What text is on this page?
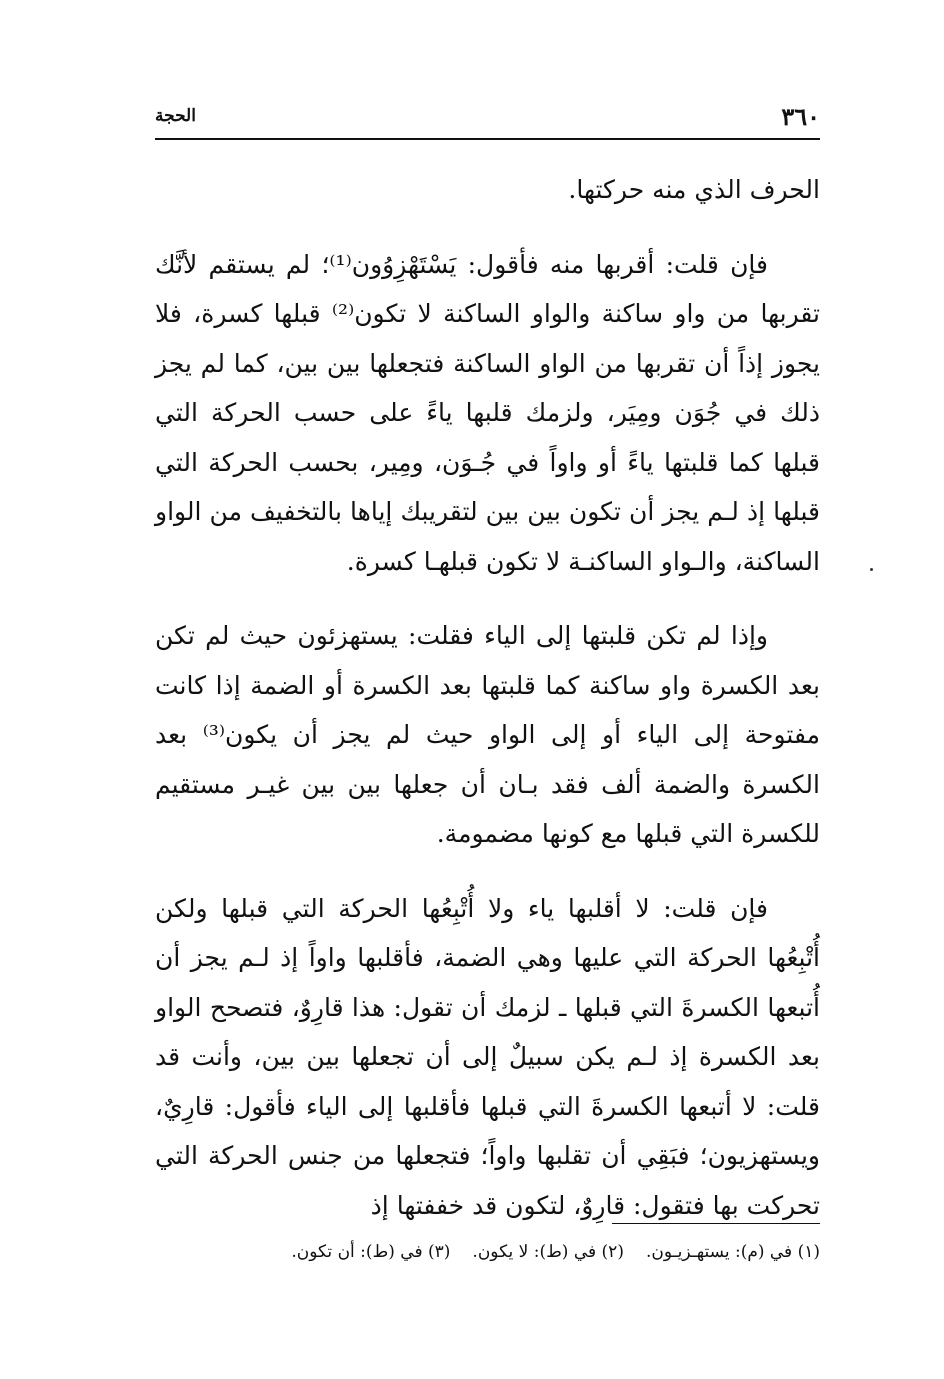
٣٦٠
الحجة

الحرف الذي منه حركتها.

فإن قلت: أقربها منه فأقول: يَسْتَهْزِوُون⁽¹⁾؛ لم يستقم لأنَّك تقربها من واو ساكنة والواو الساكنة لا تكون⁽²⁾ قبلها كسرة، فلا يجوز إذاً أن تقربها من الواو الساكنة فتجعلها بين بين، كما لم يجز ذلك في جُوَن ومِيَر، ولزمك قلبها ياءً على حسب الحركة التي قبلها كما قلبتها ياءً أو واواً في جُـوَن، ومِير، بحسب الحركة التي قبلها إذ لـم يجز أن تكون بين بين لتقريبك إياها بالتخفيف من الواو الساكنة، والـواو الساكنـة لا تكون قبلهـا كسرة.

وإذا لم تكن قلبتها إلى الياء فقلت: يستهزئون حيث لم تكن بعد الكسرة واو ساكنة كما قلبتها بعد الكسرة أو الضمة إذا كانت مفتوحة إلى الياء أو إلى الواو حيث لم يجز أن يكون⁽³⁾ بعد الكسرة والضمة ألف فقد بـان أن جعلها بين بين غيـر مستقيم للكسرة التي قبلها مع كونها مضمومة.

فإن قلت: لا أقلبها ياء ولا أُتْبِعُها الحركة التي قبلها ولكن أُتْبِعُها الحركة التي عليها وهي الضمة، فأقلبها واواً إذ لـم يجز أن أُتبعها الكسرةَ التي قبلها ـ لزمك أن تقول: هذا قارِوٌ، فتصحح الواو بعد الكسرة إذ لـم يكن سبيلٌ إلى أن تجعلها بين بين، وأنت قد قلت: لا أتبعها الكسرةَ التي قبلها فأقلبها إلى الياء فأقول: قارِيٌ، ويستهزيون؛ فبَقِي أن تقلبها واواً؛ فتجعلها من جنس الحركة التي تحركت بها فتقول: قارِوٌ، لتكون قد خففتها إذ

(١) في (م): يستهـزيـون.(٢) في (ط): لا يكون.(٣) في (ط): أن تكون.
